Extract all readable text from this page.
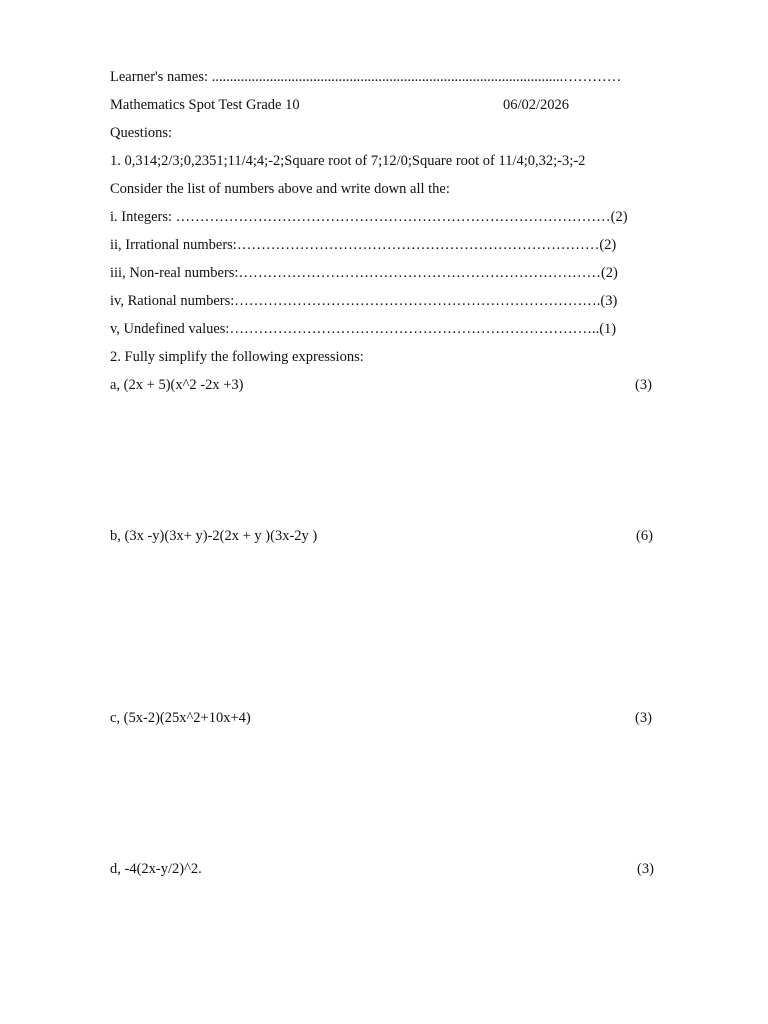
Learner's names: .................................................................................................…………
Mathematics Spot Test Grade 10	06/02/2026
Questions:
1. 0,314;2/3;0,2351;11/4;4;-2;Square root of 7;12/0;Square root of 11/4;0,32;-3;-2
Consider the list of numbers above and write down all the:
i. Integers: ………………………………………………………………………………(2)
ii, Irrational numbers:…………………………………………………………………(2)
iii, Non-real numbers:…………………………………………………………………(2)
iv, Rational numbers:………………………………………………………………….(3)
v, Undefined values:…………………………………………………………………..(1)
2. Fully simplify the following expressions:
a, (2x + 5)(x^2 -2x +3)	(3)
b, (3x -y)(3x+ y)-2(2x + y )(3x-2y )	(6)
c, (5x-2)(25x^2+10x+4)	(3)
d, -4(2x-y/2)^2.	(3)
